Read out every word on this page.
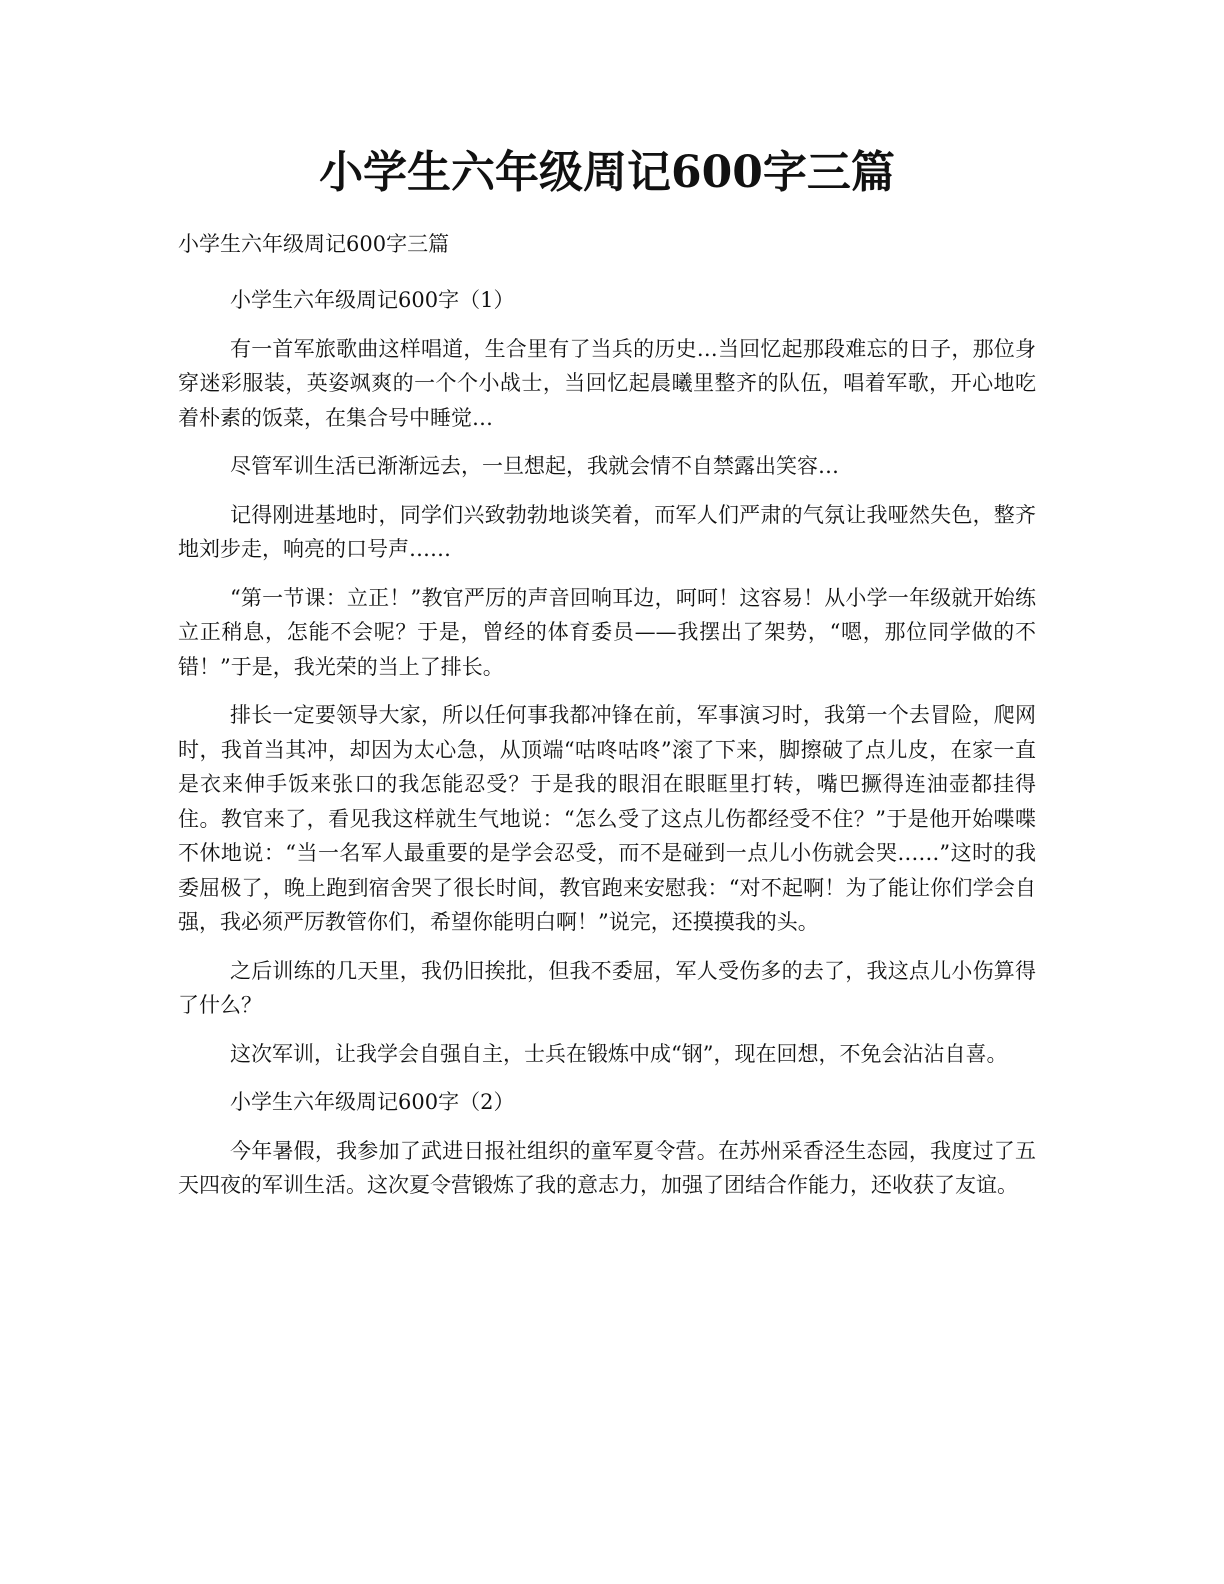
小学生六年级周记600字三篇
小学生六年级周记600字三篇
小学生六年级周记600字（1）

有一首军旅歌曲这样唱道，生合里有了当兵的历史…当回忆起那段难忘的日子，那位身穿迷彩服装，英姿飒爽的一个个小战士，当回忆起晨曦里整齐的队伍，唱着军歌，开心地吃着朴素的饭菜，在集合号中睡觉…

尽管军训生活已渐渐远去，一旦想起，我就会情不自禁露出笑容…

记得刚进基地时，同学们兴致勃勃地谈笑着，而军人们严肃的气氛让我哑然失色，整齐地刘步走，响亮的口号声……

“第一节课：立正！”教官严厉的声音回响耳边，呵呵！这容易！从小学一年级就开始练立正稍息，怎能不会呢？于是，曾经的体育委员——我摆出了架势，“嗯，那位同学做的不错！”于是，我光荣的当上了排长。

排长一定要领导大家，所以任何事我都冲锋在前，军事演习时，我第一个去冒险，爬网时，我首当其冲，却因为太心急，从顶端“咕咚咕咚”滚了下来，脚擦破了点儿皮，在家一直是衣来伸手饭来张口的我怎能忍受？于是我的眼泪在眼眶里打转，嘴巴撅得连油壶都挂得住。教官来了，看见我这样就生气地说：“怎么受了这点儿伤都经受不住？”于是他开始喋喋不休地说：“当一名军人最重要的是学会忍受，而不是碰到一点儿小伤就会哭……”这时的我委屈极了，晚上跑到宿舍哭了很长时间，教官跑来安慰我：“对不起啊！为了能让你们学会自强，我必须严厉教管你们，希望你能明白啊！”说完，还摸摸我的头。

之后训练的几天里，我仍旧挨批，但我不委屈，军人受伤多的去了，我这点儿小伤算得了什么？

这次军训，让我学会自强自主，士兵在锻炼中成“钢”，现在回想，不免会沾沾自喜。

小学生六年级周记600字（2）

今年暑假，我参加了武进日报社组织的童军夏令营。在苏州采香泾生态园，我度过了五天四夜的军训生活。这次夏令营锻炼了我的意志力，加强了团结合作能力，还收获了友谊。
